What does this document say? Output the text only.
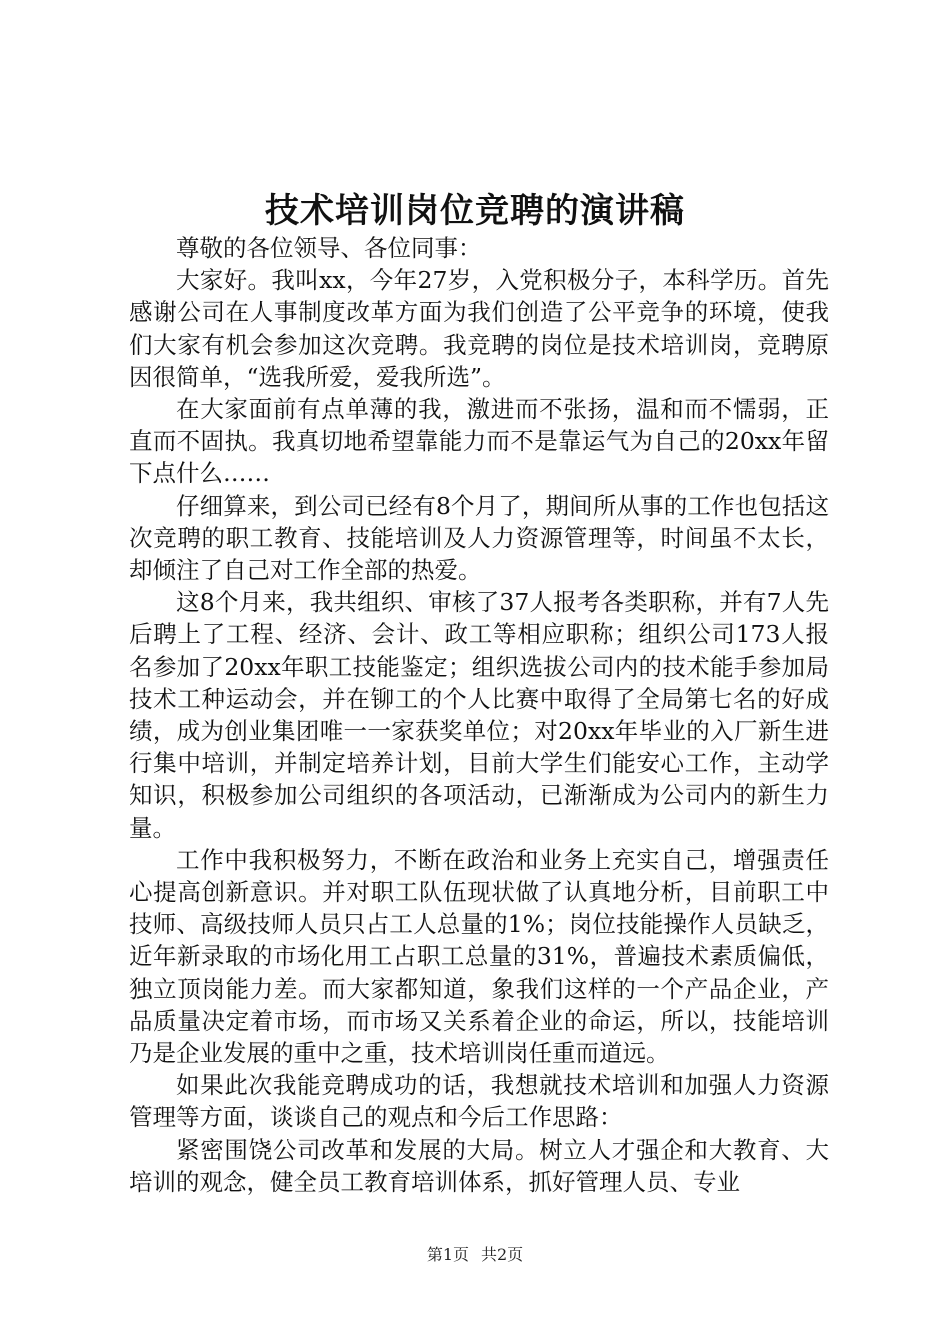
技术培训岗位竞聘的演讲稿

尊敬的各位领导、各位同事：

大家好。我叫xx，今年27岁，入党积极分子，本科学历。首先感谢公司在人事制度改革方面为我们创造了公平竞争的环境，使我们大家有机会参加这次竞聘。我竞聘的岗位是技术培训岗，竞聘原因很简单，“选我所爱，爱我所选”。

在大家面前有点单薄的我，激进而不张扬，温和而不懦弱，正直而不固执。我真切地希望靠能力而不是靠运气为自己的20xx年留下点什么……

仔细算来，到公司已经有8个月了，期间所从事的工作也包括这次竞聘的职工教育、技能培训及人力资源管理等，时间虽不太长，却倾注了自己对工作全部的热爱。

这8个月来，我共组织、审核了37人报考各类职称，并有7人先后聘上了工程、经济、会计、政工等相应职称；组织公司173人报名参加了20xx年职工技能鉴定；组织选拔公司内的技术能手参加局技术工种运动会，并在铆工的个人比赛中取得了全局第七名的好成绩，成为创业集团唯一一家获奖单位；对20xx年毕业的入厂新生进行集中培训，并制定培养计划，目前大学生们能安心工作，主动学知识，积极参加公司组织的各项活动，已渐渐成为公司内的新生力量。

工作中我积极努力，不断在政治和业务上充实自己，增强责任心提高创新意识。并对职工队伍现状做了认真地分析，目前职工中技师、高级技师人员只占工人总量的1%；岗位技能操作人员缺乏，近年新录取的市场化用工占职工总量的31%，普遍技术素质偏低，独立顶岗能力差。而大家都知道，象我们这样的一个产品企业，产品质量决定着市场，而市场又关系着企业的命运，所以，技能培训乃是企业发展的重中之重，技术培训岗任重而道远。

如果此次我能竞聘成功的话，我想就技术培训和加强人力资源管理等方面，谈谈自己的观点和今后工作思路：

紧密围饶公司改革和发展的大局。树立人才强企和大教育、大培训的观念，健全员工教育培训体系，抓好管理人员、专业

第1页 共2页
